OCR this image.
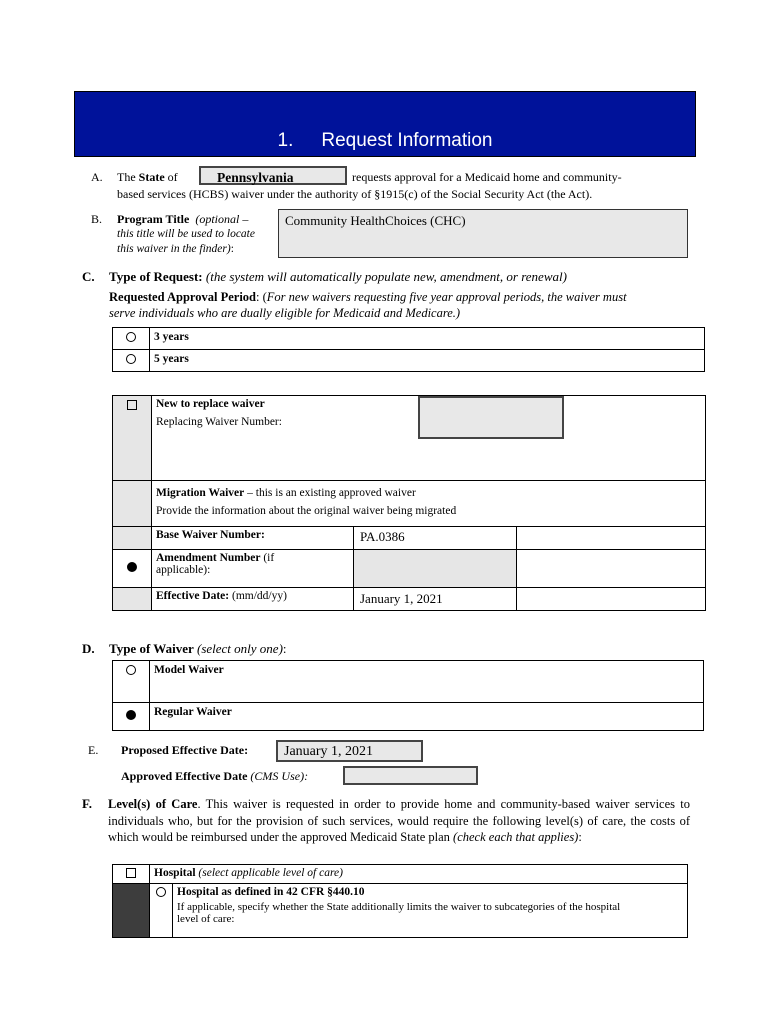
1. Request Information
A. The State of	Pennsylvania	requests approval for a Medicaid home and community-
based services (HCBS) waiver under the authority of §1915(c) of the Social Security Act (the Act).
B. Program Title (optional –
this title will be used to locate
this waiver in the finder):
Community HealthChoices (CHC)
C. Type of Request: (the system will automatically populate new, amendment, or renewal)
Requested Approval Period: (For new waivers requesting five year approval periods, the waiver must
serve individuals who are dually eligible for Medicaid and Medicare.)
	3 years
	5 years

	New to replace waiver
Replacing Waiver Number:		

	Migration Waiver – this is an existing approved waiver
Provide the information about the original waiver being migrated		

	Base Waiver Number:	PA.0386	

	Amendment Number (if
applicable):		

	Effective Date: (mm/dd/yy)	January 1, 2021	
D. Type of Waiver (select only one):
	Model Waiver
	Regular Waiver
E. Proposed Effective Date:	January 1, 2021
Approved Effective Date (CMS Use):
F. Level(s) of Care. This waiver is requested in order to provide home and community-based waiver services to individuals who, but for the provision of such services, would require the following level(s) of care, the costs of which would be reimbursed under the approved Medicaid State plan (check each that applies):
	Hospital (select applicable level of care)	

		Hospital as defined in 42 CFR §440.10
If applicable, specify whether the State additionally limits the waiver to subcategories of the hospital
level of care:
